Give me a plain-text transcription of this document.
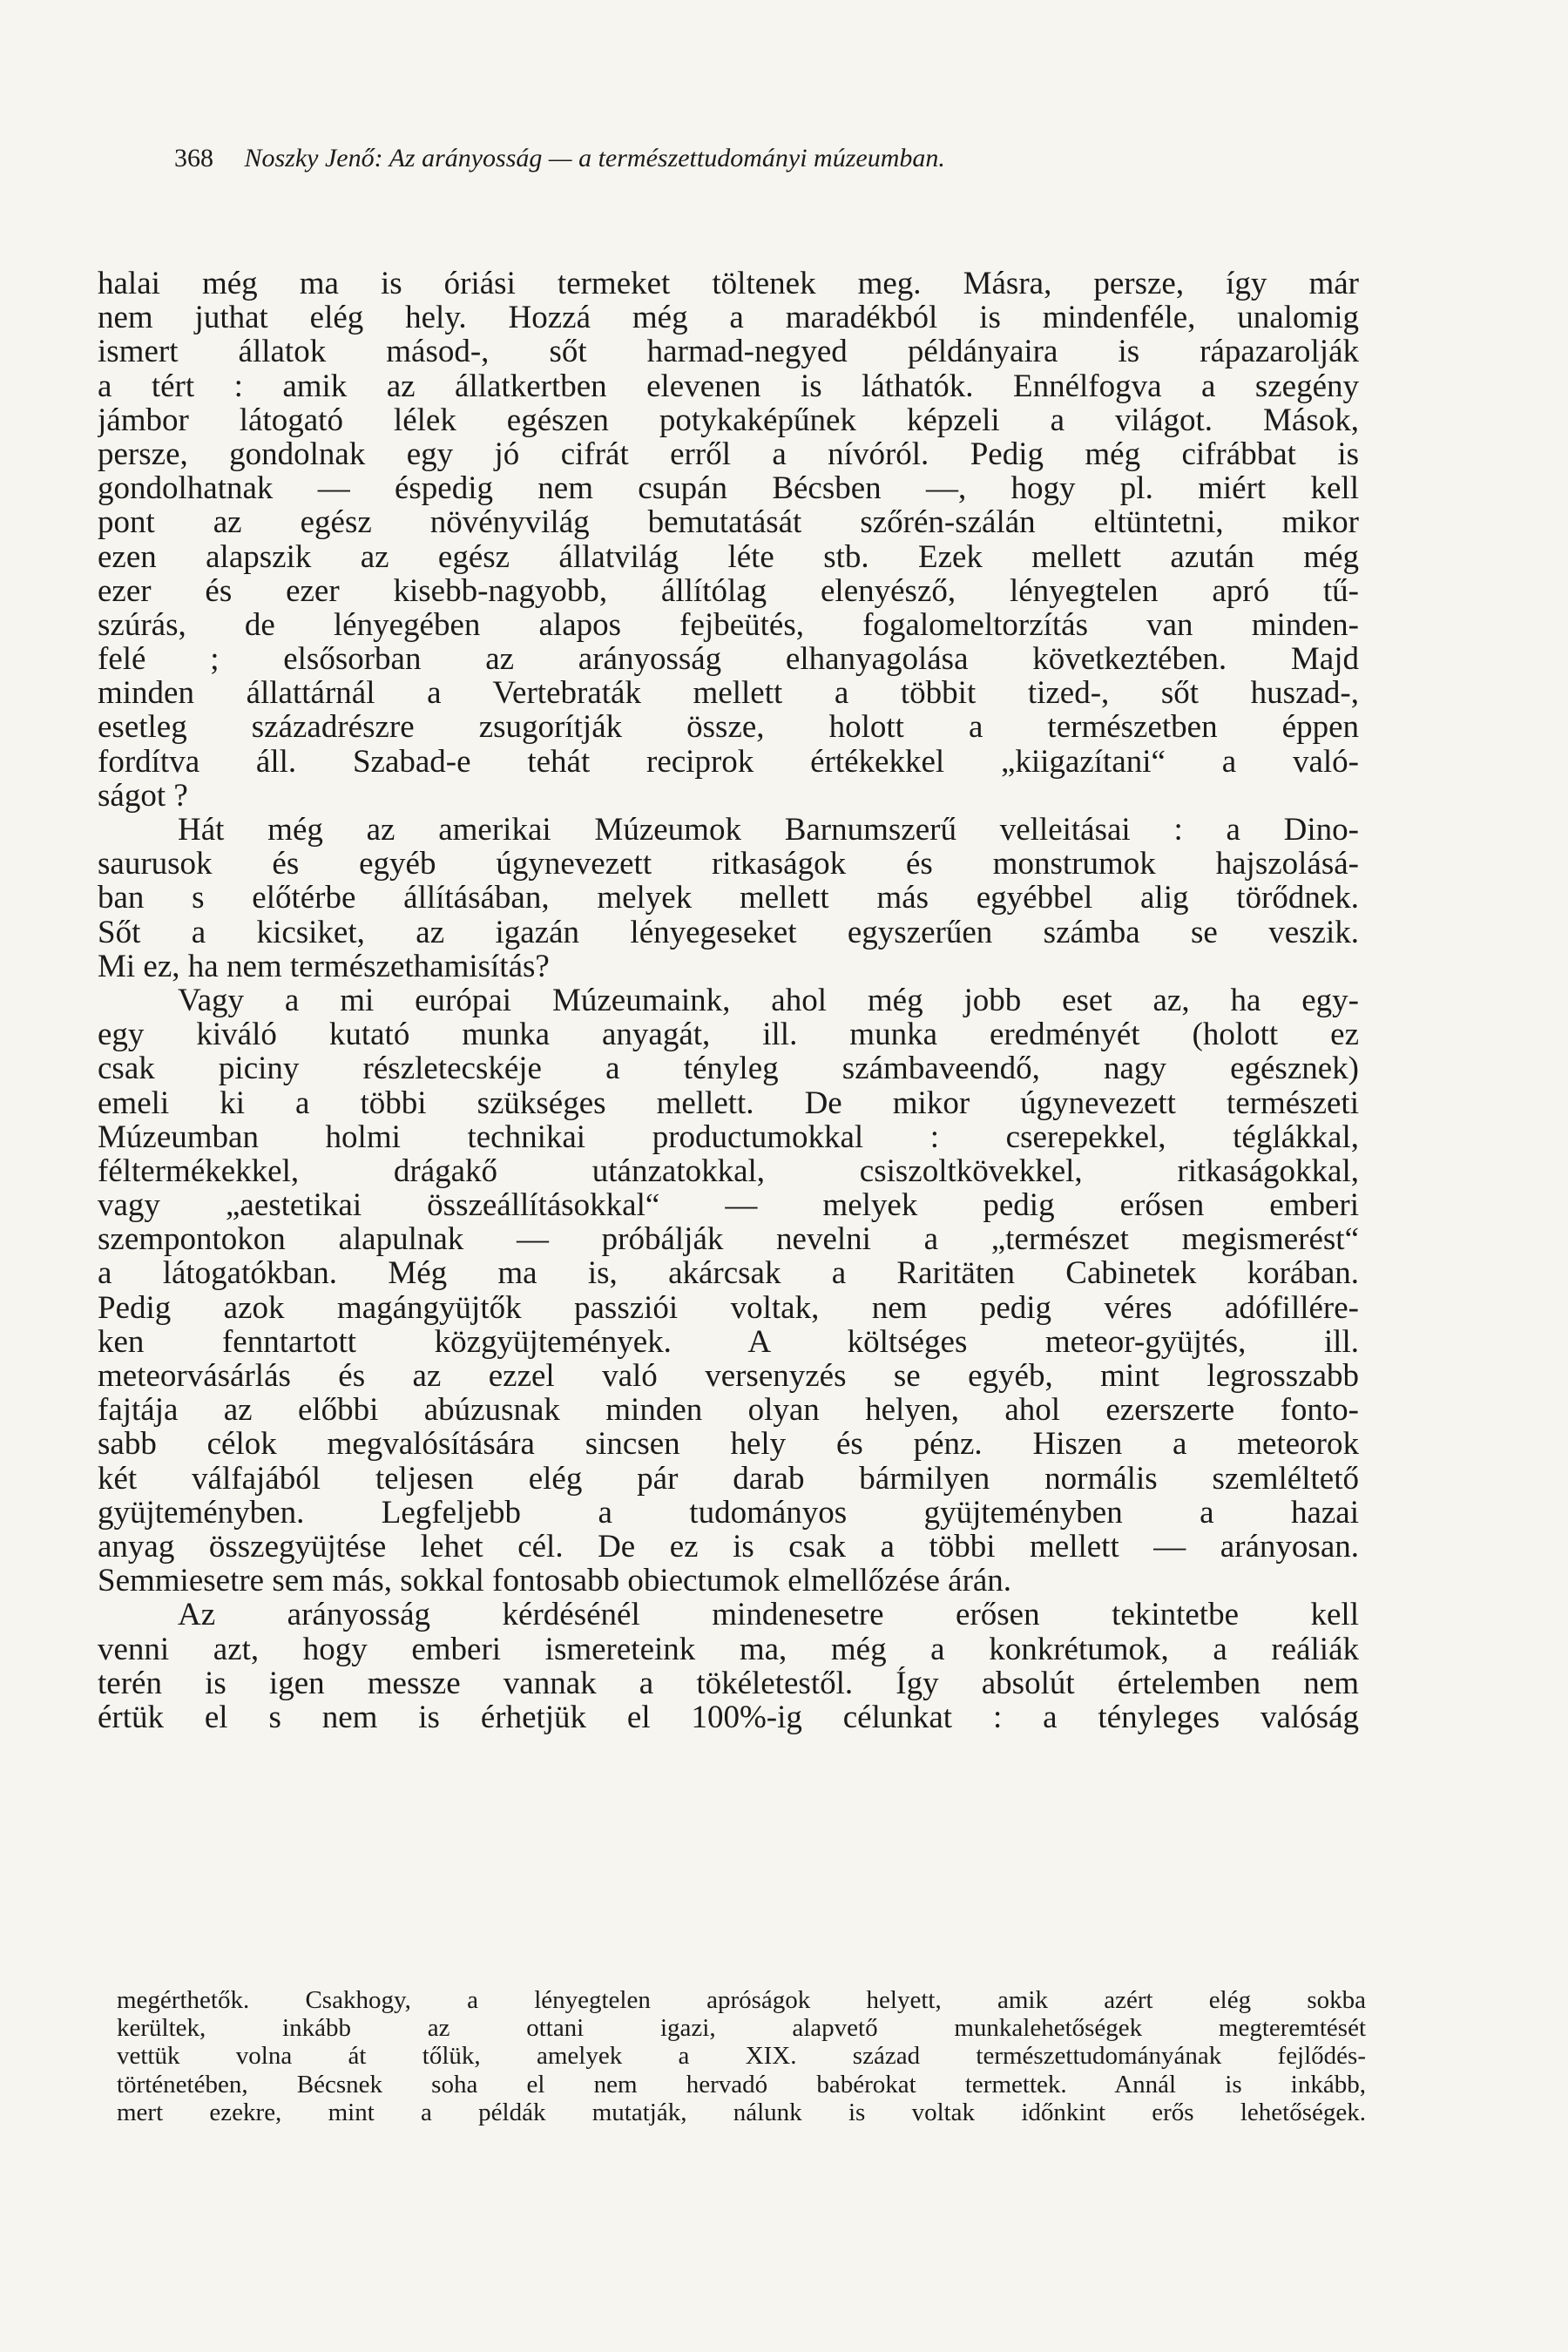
368 Noszky Jenő: Az arányosság — a természettudományi múzeumban.
halai még ma is óriási termeket töltenek meg. Másra, persze, így már
nem juthat elég hely. Hozzá még a maradékból is mindenféle, unalomig
ismert állatok másod-, sőt harmad-negyed példányaira is rápazarolják
a tért : amik az állatkertben elevenen is láthatók. Ennélfogva a szegény
jámbor látogató lélek egészen potykaképűnek képzeli a világot. Mások,
persze, gondolnak egy jó cifrát erről a nívóról. Pedig még cifrábbat is
gondolhatnak — éspedig nem csupán Bécsben —, hogy pl. miért kell
pont az egész növényvilág bemutatását szőrén-szálán eltüntetni, mikor
ezen alapszik az egész állatvilág léte stb. Ezek mellett azután még
ezer és ezer kisebb-nagyobb, állítólag elenyésző, lényegtelen apró tű-
szúrás, de lényegében alapos fejbeütés, fogalomeltorzítás van minden-
felé ; elsősorban az arányosság elhanyagolása következtében. Majd
minden állattárnál a Vertebraták mellett a többit tized-, sőt huszad-,
esetleg századrészre zsugorítják össze, holott a természetben éppen
fordítva áll. Szabad-e tehát reciprok értékekkel „kiigazítani“ a való-
ságot ?
Hát még az amerikai Múzeumok Barnumszerű velleitásai : a Dino-
saurusok és egyéb úgynevezett ritkaságok és monstrumok hajszolásá-
ban s előtérbe állításában, melyek mellett más egyébbel alig törődnek.
Sőt a kicsiket, az igazán lényegeseket egyszerűen számba se veszik.
Mi ez, ha nem természethamisítás?
Vagy a mi európai Múzeumaink, ahol még jobb eset az, ha egy-
egy kiváló kutató munka anyagát, ill. munka eredményét (holott ez
csak piciny részletecskéje a tényleg számbaveendő, nagy egésznek)
emeli ki a többi szükséges mellett. De mikor úgynevezett természeti
Múzeumban holmi technikai productumokkal : cserepekkel, téglákkal,
féltermékekkel, drágakő utánzatokkal, csiszoltkövekkel, ritkaságokkal,
vagy „aestetikai összeállításokkal“ — melyek pedig erősen emberi
szempontokon alapulnak — próbálják nevelni a „természet megismerést“
a látogatókban. Még ma is, akárcsak a Raritäten Cabinetek korában.
Pedig azok magángyüjtők passziói voltak, nem pedig véres adófillére-
ken fenntartott közgyüjtemények. A költséges meteor-gyüjtés, ill.
meteorvásárlás és az ezzel való versenyzés se egyéb, mint legrosszabb
fajtája az előbbi abúzusnak minden olyan helyen, ahol ezerszerte fonto-
sabb célok megvalósítására sincsen hely és pénz. Hiszen a meteorok
két válfajából teljesen elég pár darab bármilyen normális szemléltető
gyüjteményben. Legfeljebb a tudományos gyüjteményben a hazai
anyag összegyüjtése lehet cél. De ez is csak a többi mellett — arányosan.
Semmiesetre sem más, sokkal fontosabb obiectumok elmellőzése árán.
Az arányosság kérdésénél mindenesetre erősen tekintetbe kell
venni azt, hogy emberi ismereteink ma, még a konkrétumok, a reáliák
terén is igen messze vannak a tökéletestől. Így absolút értelemben nem
értük el s nem is érhetjük el 100%-ig célunkat : a tényleges valóság
megérthetők. Csakhogy, a lényegtelen apróságok helyett, amik azért elég sokba
kerültek, inkább az ottani igazi, alapvető munkalehetőségek megteremtését
vettük volna át tőlük, amelyek a XIX. század természettudományának fejlődés-
történetében, Bécsnek soha el nem hervadó babérokat termettek. Annál is inkább,
mert ezekre, mint a példák mutatják, nálunk is voltak időnkint erős lehetőségek.
